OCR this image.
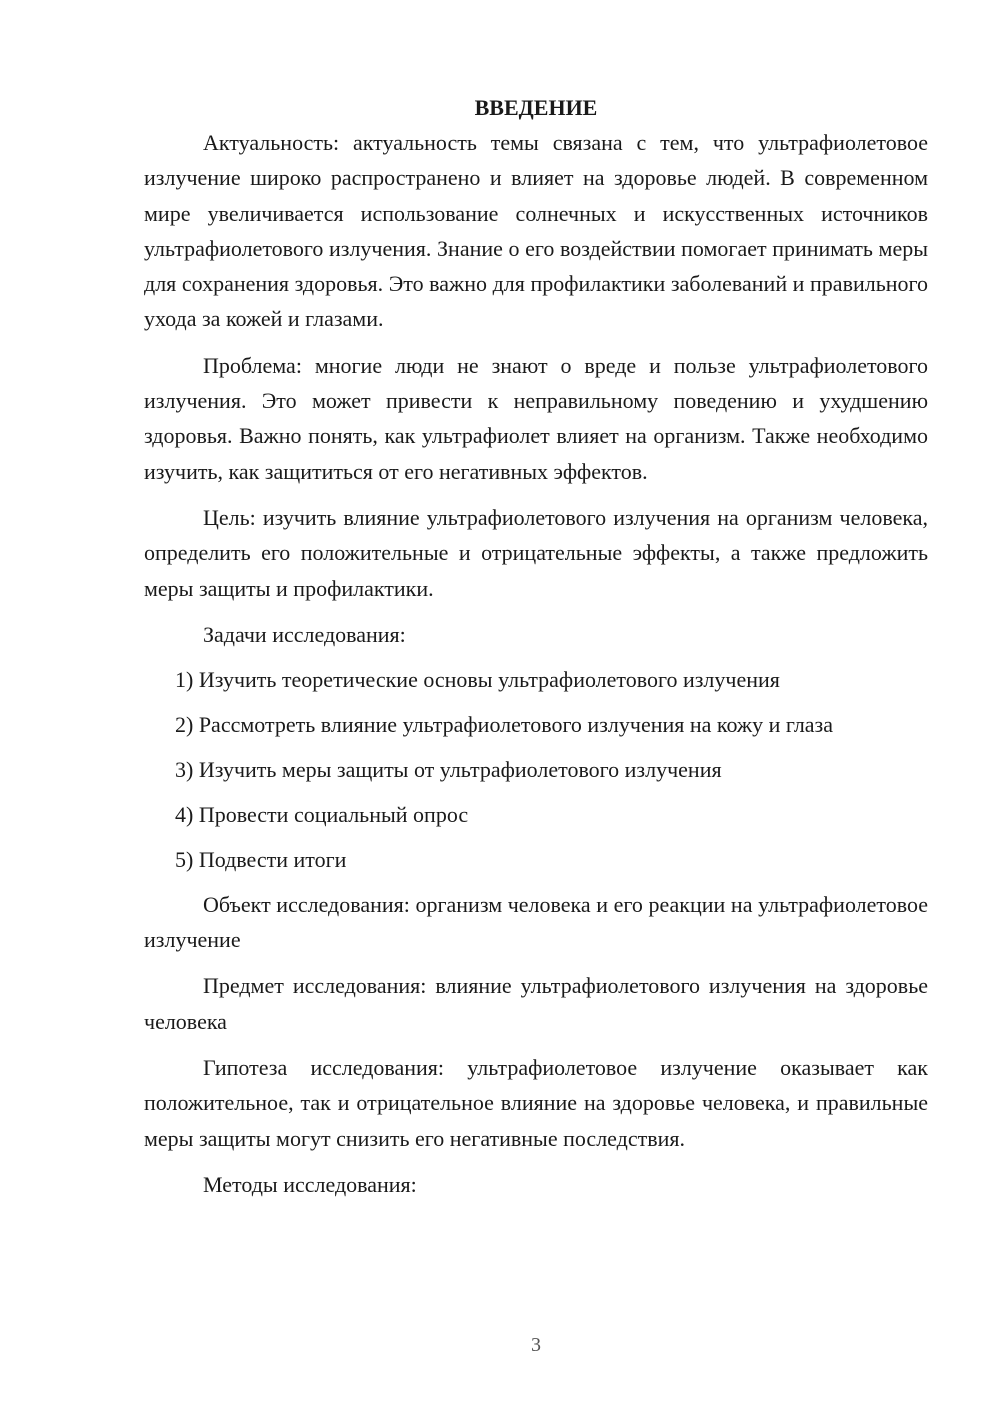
ВВЕДЕНИЕ

Актуальность: актуальность темы связана с тем, что ультрафиолетовое излучение широко распространено и влияет на здоровье людей. В современном мире увеличивается использование солнечных и искусственных источников ультрафиолетового излучения. Знание о его воздействии помогает принимать меры для сохранения здоровья. Это важно для профилактики заболеваний и правильного ухода за кожей и глазами.

Проблема: многие люди не знают о вреде и пользе ультрафиолетового излучения. Это может привести к неправильному поведению и ухудшению здоровья. Важно понять, как ультрафиолет влияет на организм. Также необходимо изучить, как защититься от его негативных эффектов.

Цель: изучить влияние ультрафиолетового излучения на организм человека, определить его положительные и отрицательные эффекты, а также предложить меры защиты и профилактики.

Задачи исследования:

1) Изучить теоретические основы ультрафиолетового излучения
2) Рассмотреть влияние ультрафиолетового излучения на кожу и глаза
3) Изучить меры защиты от ультрафиолетового излучения
4) Провести социальный опрос
5) Подвести итоги

Объект исследования: организм человека и его реакции на ультрафиолетовое излучение

Предмет исследования: влияние ультрафиолетового излучения на здоровье человека

Гипотеза исследования: ультрафиолетовое излучение оказывает как положительное, так и отрицательное влияние на здоровье человека, и правильные меры защиты могут снизить его негативные последствия.

Методы исследования:

3
